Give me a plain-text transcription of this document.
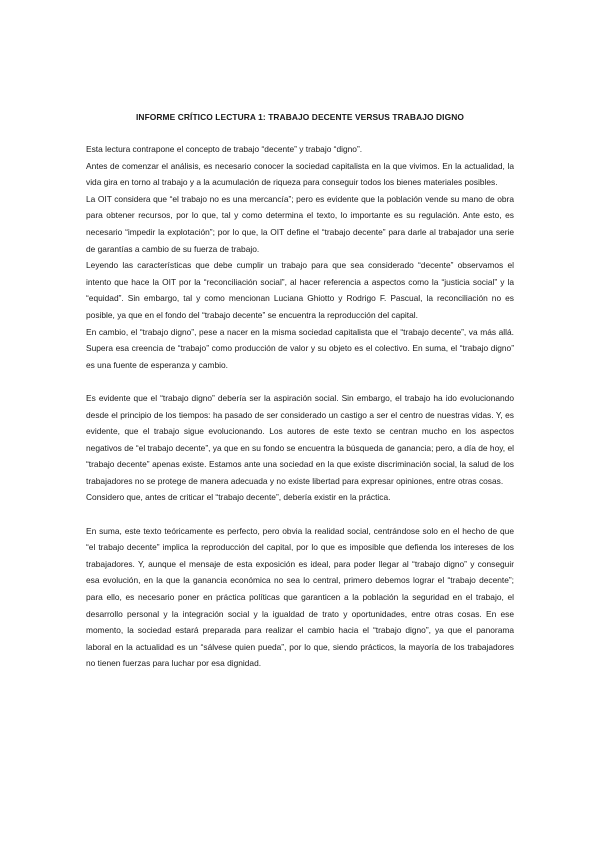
INFORME CRÍTICO LECTURA 1: TRABAJO DECENTE VERSUS TRABAJO DIGNO

Esta lectura contrapone el concepto de trabajo “decente” y trabajo “digno”.

Antes de comenzar el análisis, es necesario conocer la sociedad capitalista en la que vivimos. En la actualidad, la vida gira en torno al trabajo y a la acumulación de riqueza para conseguir todos los bienes materiales posibles.

La OIT considera que “el trabajo no es una mercancía”; pero es evidente que la población vende su mano de obra para obtener recursos, por lo que, tal y como determina el texto, lo importante es su regulación. Ante esto, es necesario “impedir la explotación”; por lo que, la OIT define el “trabajo decente” para darle al trabajador una serie de garantías a cambio de su fuerza de trabajo.

Leyendo las características que debe cumplir un trabajo para que sea considerado “decente” observamos el intento que hace la OIT por la “reconciliación social”, al hacer referencia a aspectos como la “justicia social” y la “equidad”. Sin embargo, tal y como mencionan Luciana Ghiotto y Rodrigo F. Pascual, la reconciliación no es posible, ya que en el fondo del “trabajo decente” se encuentra la reproducción del capital.

En cambio, el “trabajo digno”, pese a nacer en la misma sociedad capitalista que el “trabajo decente”, va más allá. Supera esa creencia de “trabajo” como producción de valor y su objeto es el colectivo. En suma, el “trabajo digno” es una fuente de esperanza y cambio.

Es evidente que el “trabajo digno” debería ser la aspiración social. Sin embargo, el trabajo ha ido evolucionando desde el principio de los tiempos: ha pasado de ser considerado un castigo a ser el centro de nuestras vidas. Y, es evidente, que el trabajo sigue evolucionando. Los autores de este texto se centran mucho en los aspectos negativos de “el trabajo decente”, ya que en su fondo se encuentra la búsqueda de ganancia; pero, a día de hoy, el “trabajo decente” apenas existe. Estamos ante una sociedad en la que existe discriminación social, la salud de los trabajadores no se protege de manera adecuada y no existe libertad para expresar opiniones, entre otras cosas.

Considero que, antes de criticar el “trabajo decente”, debería existir en la práctica.

En suma, este texto teóricamente es perfecto, pero obvia la realidad social, centrándose solo en el hecho de que “el trabajo decente” implica la reproducción del capital, por lo que es imposible que defienda los intereses de los trabajadores. Y, aunque el mensaje de esta exposición es ideal, para poder llegar al “trabajo digno” y conseguir esa evolución, en la que la ganancia económica no sea lo central, primero debemos lograr el “trabajo decente”; para ello, es necesario poner en práctica políticas que garanticen a la población la seguridad en el trabajo, el desarrollo personal y la integración social y la igualdad de trato y oportunidades, entre otras cosas. En ese momento, la sociedad estará preparada para realizar el cambio hacia el “trabajo digno”, ya que el panorama laboral en la actualidad es un “sálvese quien pueda”, por lo que, siendo prácticos, la mayoría de los trabajadores no tienen fuerzas para luchar por esa dignidad.
